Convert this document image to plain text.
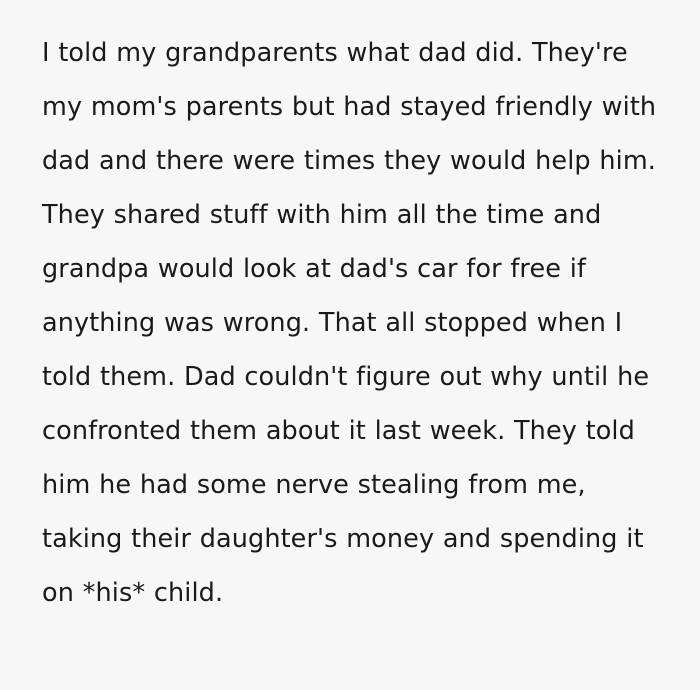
I told my grandparents what dad did. They're my mom's parents but had stayed friendly with dad and there were times they would help him. They shared stuff with him all the time and grandpa would look at dad's car for free if anything was wrong. That all stopped when I told them. Dad couldn't figure out why until he confronted them about it last week. They told him he had some nerve stealing from me, taking their daughter's money and spending it on *his* child.
